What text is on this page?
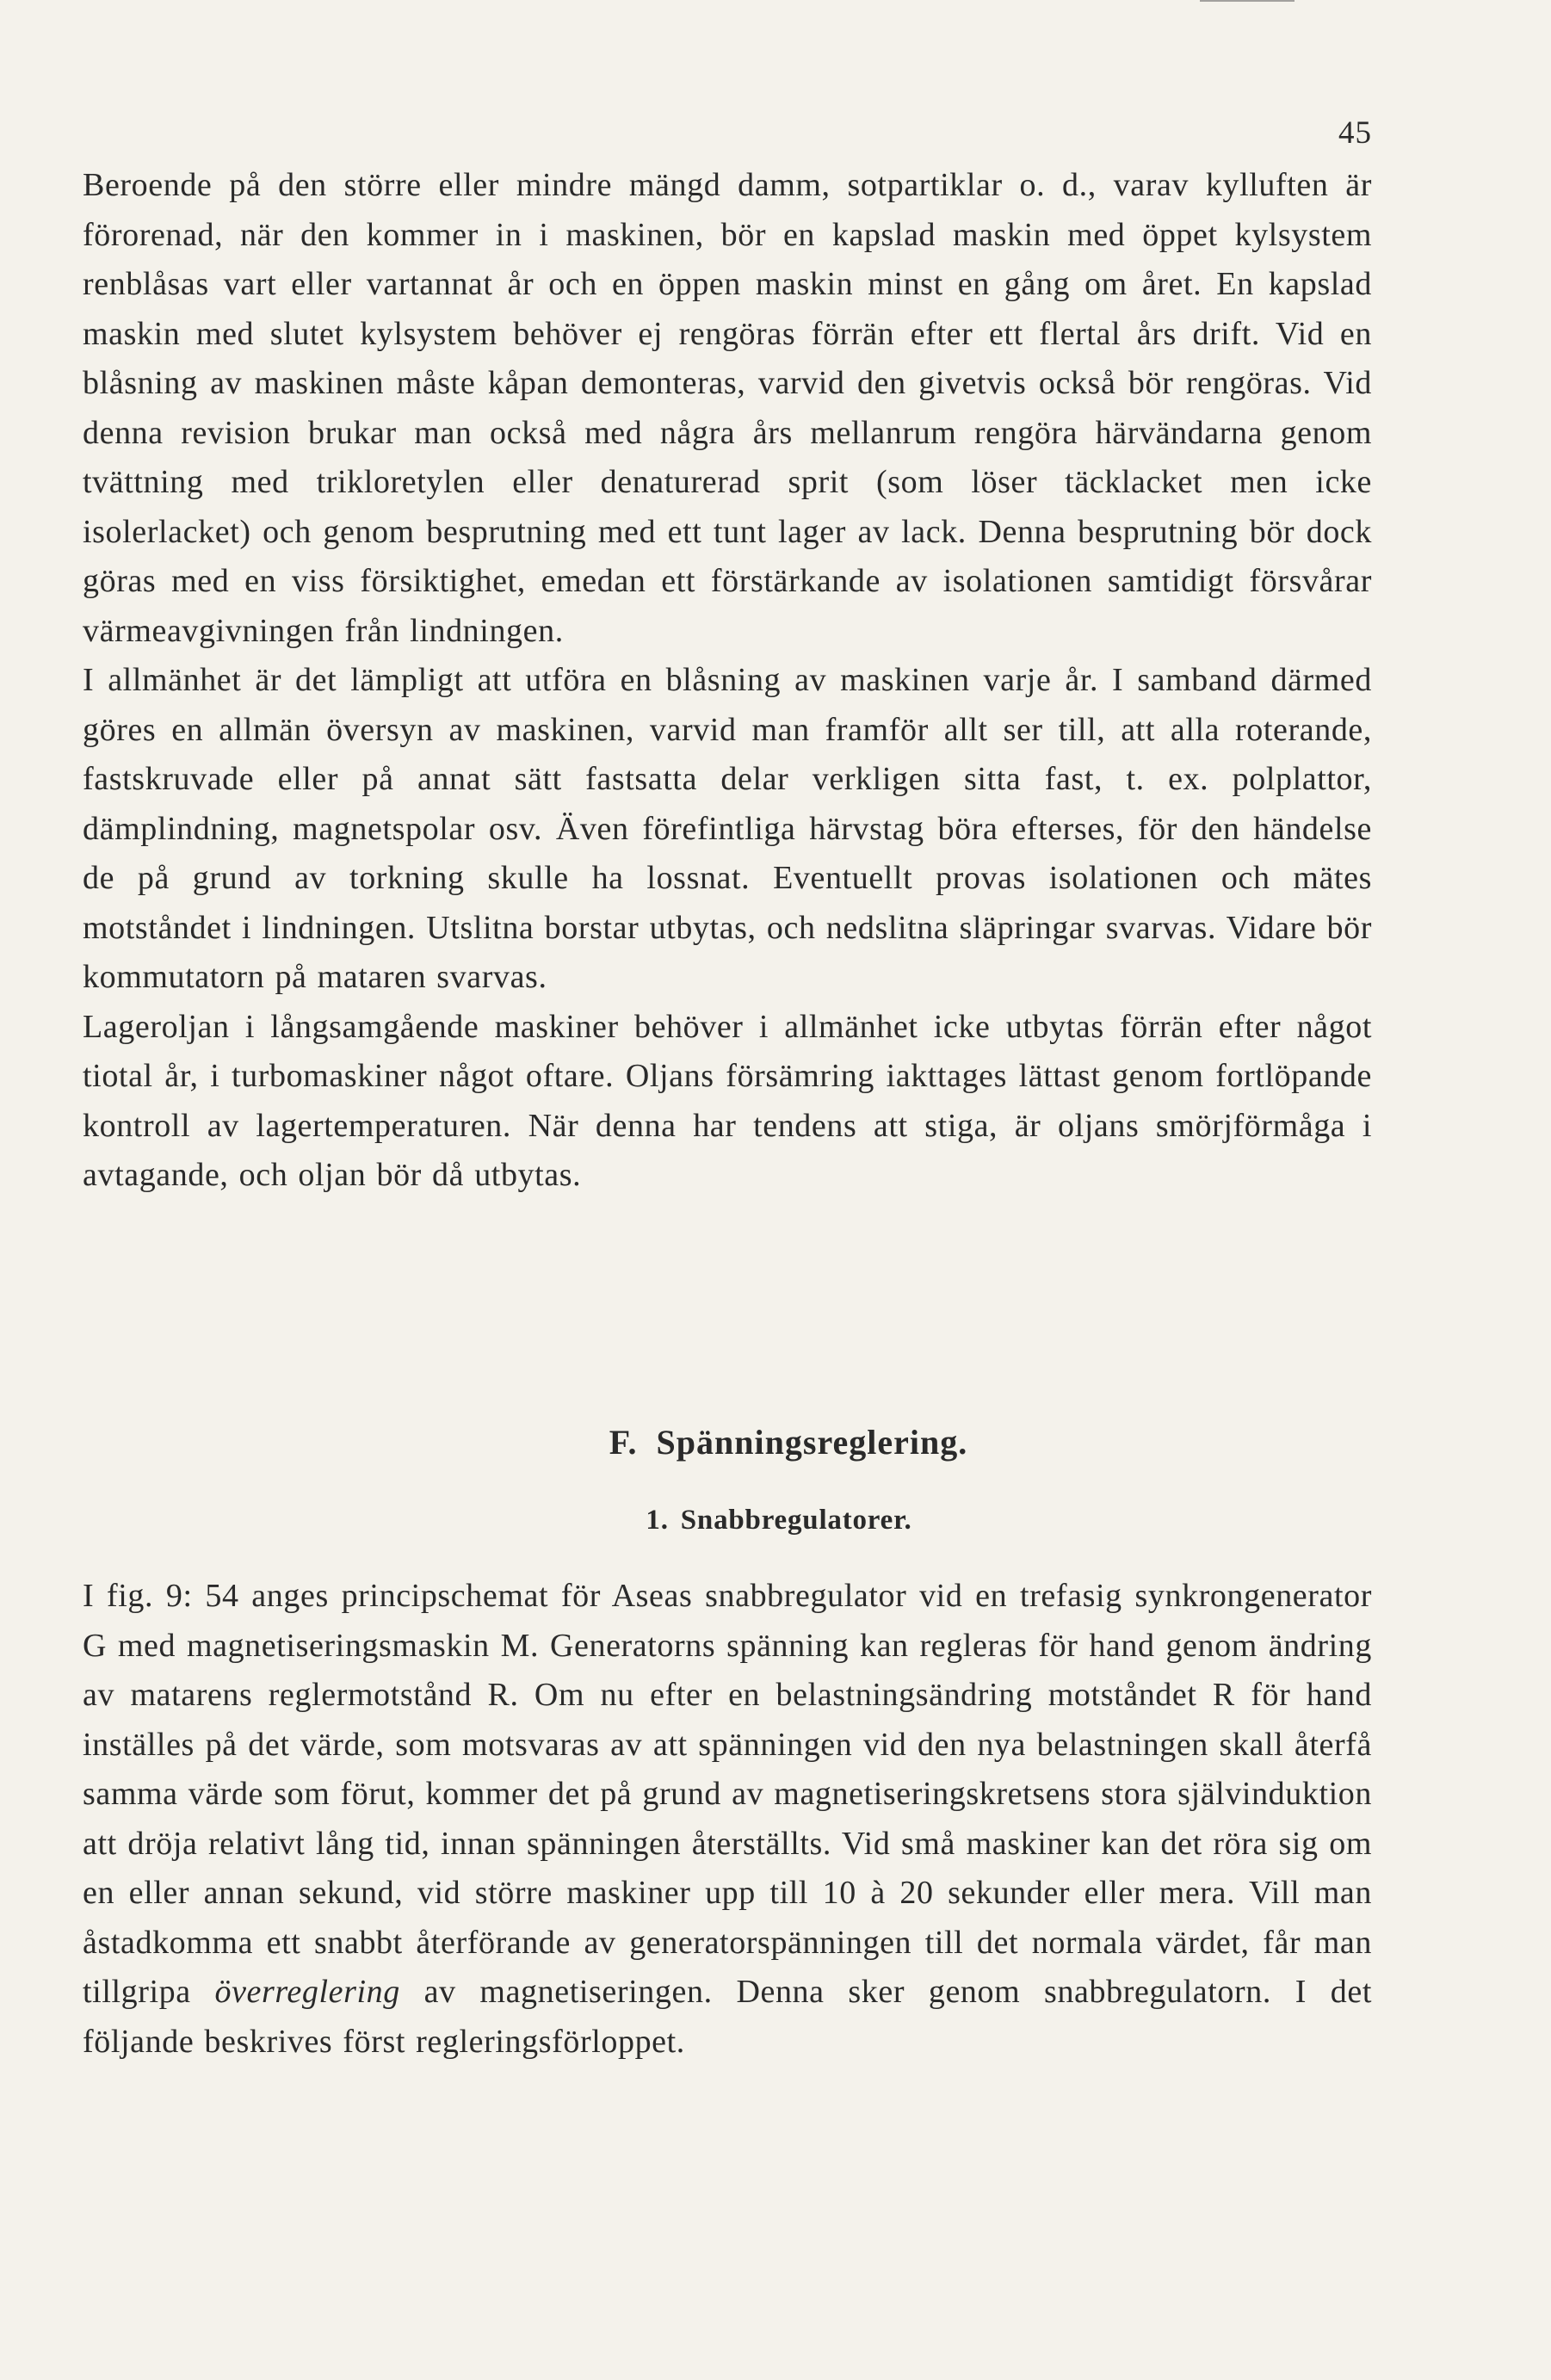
45

Beroende på den större eller mindre mängd damm, sotpartiklar o. d., varav kylluften är förorenad, när den kommer in i maskinen, bör en kapslad maskin med öppet kylsystem renblåsas vart eller vartannat år och en öppen maskin minst en gång om året. En kapslad maskin med slutet kylsystem behöver ej rengöras förrän efter ett flertal års drift. Vid en blåsning av maskinen måste kåpan demonteras, varvid den givetvis också bör rengöras. Vid denna revision brukar man också med några års mellanrum rengöra härvändarna genom tvättning med trikloretylen eller denaturerad sprit (som löser täcklacket men icke isolerlacket) och genom besprutning med ett tunt lager av lack. Denna besprutning bör dock göras med en viss försiktighet, emedan ett förstärkande av isolationen samtidigt försvårar värmeavgivningen från lindningen.

I allmänhet är det lämpligt att utföra en blåsning av maskinen varje år. I samband därmed göres en allmän översyn av maskinen, varvid man framför allt ser till, att alla roterande, fastskruvade eller på annat sätt fastsatta delar verkligen sitta fast, t. ex. polplattor, dämplindning, magnetspolar osv. Även förefintliga härvstag böra efterses, för den händelse de på grund av torkning skulle ha lossnat. Eventuellt provas isolationen och mätes motståndet i lindningen. Utslitna borstar utbytas, och nedslitna släpringar svarvas. Vidare bör kommutatorn på mataren svarvas.

Lageroljan i långsamgående maskiner behöver i allmänhet icke utbytas förrän efter något tiotal år, i turbomaskiner något oftare. Oljans försämring iakttages lättast genom fortlöpande kontroll av lagertemperaturen. När denna har tendens att stiga, är oljans smörjförmåga i avtagande, och oljan bör då utbytas.

F. Spänningsreglering.
1. Snabbregulatorer.

I fig. 9: 54 anges principschemat för Aseas snabbregulator vid en trefasig synkrongenerator G med magnetiseringsmaskin M. Generatorns spänning kan regleras för hand genom ändring av matarens reglermotstånd R. Om nu efter en belastningsändring motståndet R för hand inställes på det värde, som motsvaras av att spänningen vid den nya belastningen skall återfå samma värde som förut, kommer det på grund av magnetiseringskretsens stora självinduktion att dröja relativt lång tid, innan spänningen återställts. Vid små maskiner kan det röra sig om en eller annan sekund, vid större maskiner upp till 10 à 20 sekunder eller mera. Vill man åstadkomma ett snabbt återförande av generatorspänningen till det normala värdet, får man tillgripa överreglering av magnetiseringen. Denna sker genom snabbregulatorn. I det följande beskrives först regleringsförloppet.
